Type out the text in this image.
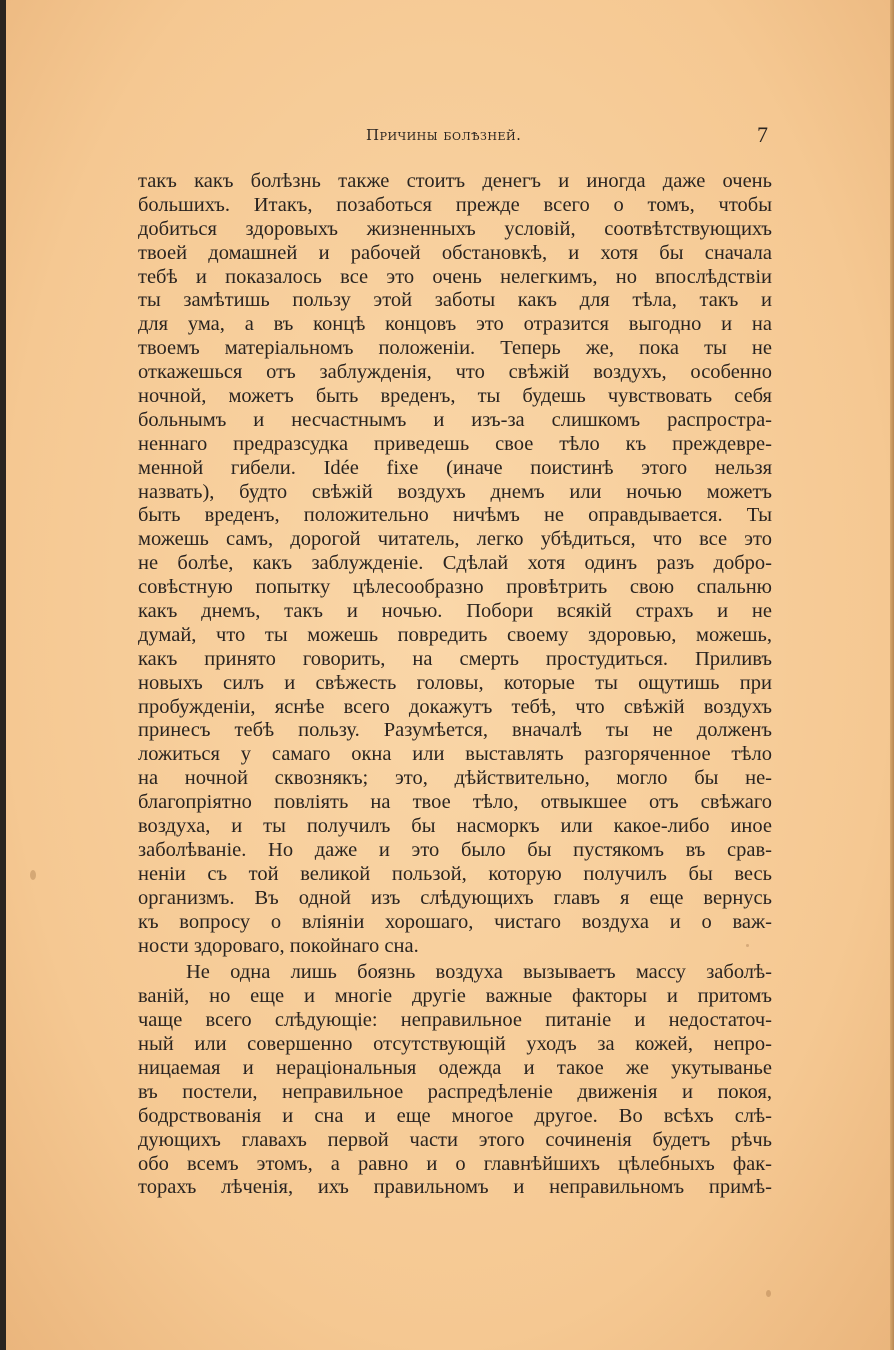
Причины болѣзней.	7
такъ какъ болѣзнь также стоитъ денегъ и иногда даже очень
большихъ. Итакъ, позаботься прежде всего о томъ, чтобы
добиться здоровыхъ жизненныхъ условій, соотвѣтствующихъ
твоей домашней и рабочей обстановкѣ, и хотя бы сначала
тебѣ и показалось все это очень нелегкимъ, но впослѣдствіи
ты замѣтишь пользу этой заботы какъ для тѣла, такъ и
для ума, а въ концѣ концовъ это отразится выгодно и на
твоемъ матеріальномъ положеніи. Теперь же, пока ты не
откажешься отъ заблужденія, что свѣжій воздухъ, особенно
ночной, можетъ быть вреденъ, ты будешь чувствовать себя
больнымъ и несчастнымъ и изъ-за слишкомъ распростра-
неннаго предразсудка приведешь свое тѣло къ преждевре-
менной гибели. Idée fixe (иначе поистинѣ этого нельзя
назвать), будто свѣжій воздухъ днемъ или ночью можетъ
быть вреденъ, положительно ничѣмъ не оправдывается. Ты
можешь самъ, дорогой читатель, легко убѣдиться, что все это
не болѣе, какъ заблужденіе. Сдѣлай хотя одинъ разъ добро-
совѣстную попытку цѣлесообразно провѣтрить свою спальню
какъ днемъ, такъ и ночью. Побори всякій страхъ и не
думай, что ты можешь повредить своему здоровью, можешь,
какъ принято говорить, на смерть простудиться. Приливъ
новыхъ силъ и свѣжесть головы, которые ты ощутишь при
пробужденіи, яснѣе всего докажутъ тебѣ, что свѣжій воздухъ
принесъ тебѣ пользу. Разумѣется, вначалѣ ты не долженъ
ложиться у самаго окна или выставлять разгоряченное тѣло
на ночной сквознякъ; это, дѣйствительно, могло бы не-
благопріятно повліять на твое тѣло, отвыкшее отъ свѣжаго
воздуха, и ты получилъ бы насморкъ или какое-либо иное
заболѣваніе. Но даже и это было бы пустякомъ въ срав-
неніи съ той великой пользой, которую получилъ бы весь
организмъ. Въ одной изъ слѣдующихъ главъ я еще вернусь
къ вопросу о вліяніи хорошаго, чистаго воздуха и о важ-
ности здороваго, покойнаго сна.
Не одна лишь боязнь воздуха вызываетъ массу заболѣ-
ваній, но еще и многіе другіе важные факторы и притомъ
чаще всего слѣдующіе: неправильное питаніе и недостаточ-
ный или совершенно отсутствующій уходъ за кожей, непро-
ницаемая и нераціональныя одежда и такое же укутыванье
въ постели, неправильное распредѣленіе движенія и покоя,
бодрствованія и сна и еще многое другое. Во всѣхъ слѣ-
дующихъ главахъ первой части этого сочиненія будетъ рѣчь
обо всемъ этомъ, а равно и о главнѣйшихъ цѣлебныхъ фак-
торахъ лѣченія, ихъ правильномъ и неправильномъ примѣ-
